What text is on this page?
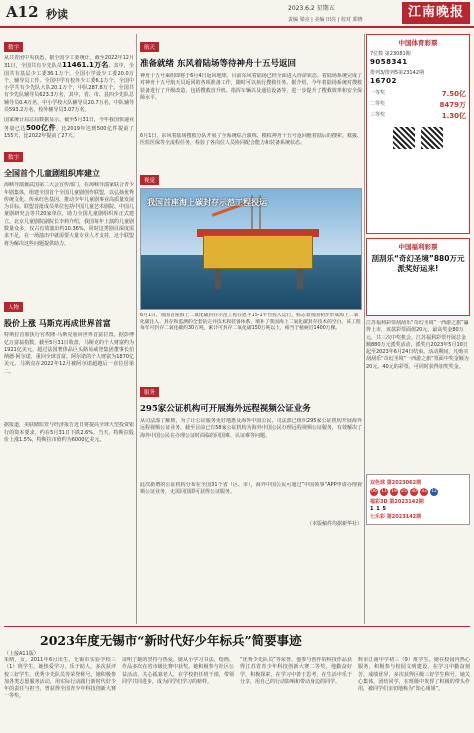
A12 秒读	2023.6.2 星期五
责编 梁亮 | 美编 田亮 | 校对 郭晓	江南晚报
数字
从共青团中央获悉，据全国少工委统计，截至2022年12月31日，全国共有少先队员11461.1万名。其中，全国共有基层少工委36.1万个，全国小学设少工委20.0万个，辅导员工作、全国中学有校外少工委6.1万个，全国中小学共有少先队大队20.1万个，中队287.8万个。全国共有少先队辅导员623.3万名，其中，省、市、县四少先队总辅导员0.4万名，中小学校大队辅导员20.7万名，中队辅导员593.2万名，校外辅导员3.07万名。
国家统计局总局数据显示，截至5月31日，今年我国快递业务量已达500亿件，比2019年达到500亿件提前了155天，比2022年提前了27天。
数字
全国首个儿童剧组织库建立
海峡导演兼武国第二大会宣传部门，在海峡导演家联合青少年剧集体，组建全国首个全国儿童剧创作联盟，以弘扬优秀传统文化、传承红色基因、推动少年儿童剧事业高质量发展为目标。联盟首批成员单位包括中国儿童艺术剧院、中国儿童剧研究会等共20家单位，助力全国儿童剧组织库正式建立。北京儿童剧院副院长李莉介绍，我国每年上演的儿童剧数量众多，仅占有效演出约10.36%，同时这类剧目深度需求不足，在一场演出中就需要大量专业人才支持，这个联盟将为解决这些问题提供助力。
人物
股价上涨 马斯克再成世界首富
特斯拉首席执行官埃隆·马斯克重回世界首富位置。据彭博亿万富翁指数，截至5月31日收盘，马斯克的个人财富约为1921亿美元，超过法国奢侈品巨头路易威登集团董事长伯纳德·阿尔诺，重回全球首富。阿尔诺的个人财富为1870亿美元。马斯克在2022年12月被阿尔诺超越后一直位居第二。
据报道，美联储监管与经济报告近日将提高全球大型投资银行的资本要求，约在5月31日下跌2.6%。当天，特斯拉股价上涨1.5%，特斯拉市值约为6000亿美元。
航天
准备就绪 东风着陆场等待神舟十五号返回
神舟十五号乘组即将于6月4日返回地球，目前东风着陆场已经全面进入待命状态。着陆场系统完成了对神舟十五号航天员返回的各项准备工作，随时可以执行搜救任务。据介绍，今年着陆场系统对搜救装备进行了升级改造，包括搜救直升机、指挥车辆以及通信设备等，进一步提升了搜救效率和安全保障水平。
6月1日，东风着陆场搜救分队开展了全系统综合演练，模拟神舟十五号返回舱着陆后的搜索、救援、医监医保等全流程任务，检验了各岗位人员协同配合能力和装备系统状态。
视觉
我国首座海上碳封存示范工程投运
6月1日，我国首座海上二氧化碳封存示范工程在恩平15-1平台投入运行，标志着我国初步形成海上二氧化碳注入、封存和监测的全套钻完井技术和装备体系，填补了我国海上二氧化碳封存技术的空白。该工程每年可封存二氧化碳约30万吨，累计可封存二氧化碳150万吨以上，相当于植树近1400万棵。
服务
295家公证机构可开展海外远程视频公证业务
从司法部了解到，为了让公证服务更好地惠及海外中国公民，司法部已组织295家公证机构开展海外远程视频公证业务，截至目前已有58家公证机构为海外中国公民办理远程视频公证服务，有效解决了海外中国公民在办理公证时面临的回国难、认证难等问题。
此次新增的公证机构分布在全国31个省（区、市），海外中国公民可通过“中国领事”APP申请办理视频公证业务，无需回国即可获得公证服务。
（本版稿件均据新华社）
中国体育彩票
7位数 第23081期
9058341
排列3/排列5第23142期
16702
一等奖	7.50亿
二等奖	8479万
三等奖	1.30亿

中国福利彩票
刮刮乐“奇幻圣境”880万元派奖好运来!
江苏福利彩票刮刮乐“奇幻圣境”一西游之旅”赢得上市，该款彩票面值20元，最高奖金80万元，共三次中奖机会。江苏福利彩票开展总金额880万元派奖活动，派奖自2023年5月10日起至2023年6月24日结束。活动期间，凡购买刮刮乐“奇幻圣境”一西游之旅”票面中奖金额为20元、40元的彩票，可同时获得加奖奖金。
双色球 第2023062期
06 11 19 25 30 33 12
福彩3D 第2023142期
1 1 5
七乐彩 第2023142期
2023年度无锡市“新时代好少年标兵”简要事迹
（上接A11版）
朱晴，女，2011年6月出生，无锡市实验学校三（1）班学生。她热爱学习，乐于助人，多次获评校三好学生、优秀少先队员等荣誉称号。她积极参加各类志愿服务活动，用实际行动践行新时代好少年的责任与担当，曾获得全国青少年科技创新大赛一等奖。
证明了她的坚持与热爱。她从小学习书法、绘画，作品多次在省市级比赛中获奖。她积极参与社区公益活动，关心孤寡老人，在学校担任班干部，带领同学共同进步，成为同学们学习的榜样。
“优秀少先队员”等荣誉。他参与创作的科技作品获得江苏省青少年科技创新大赛二等奖。他勤奋好学，积极探索，在学习中善于思考，在生活中乐于分享，用自己的行动影响和带动身边的同学。
辉市江南中学初三（9）班学生。她在校园内热心服务，积极参与校园文明建设，在学习中勤奋刻苦，成绩优异，多次获得区级三好学生称号。她关心集体，团结同学，在班级中发挥了积极的带头作用，被同学们亲切地称为“知心姐姐”。
